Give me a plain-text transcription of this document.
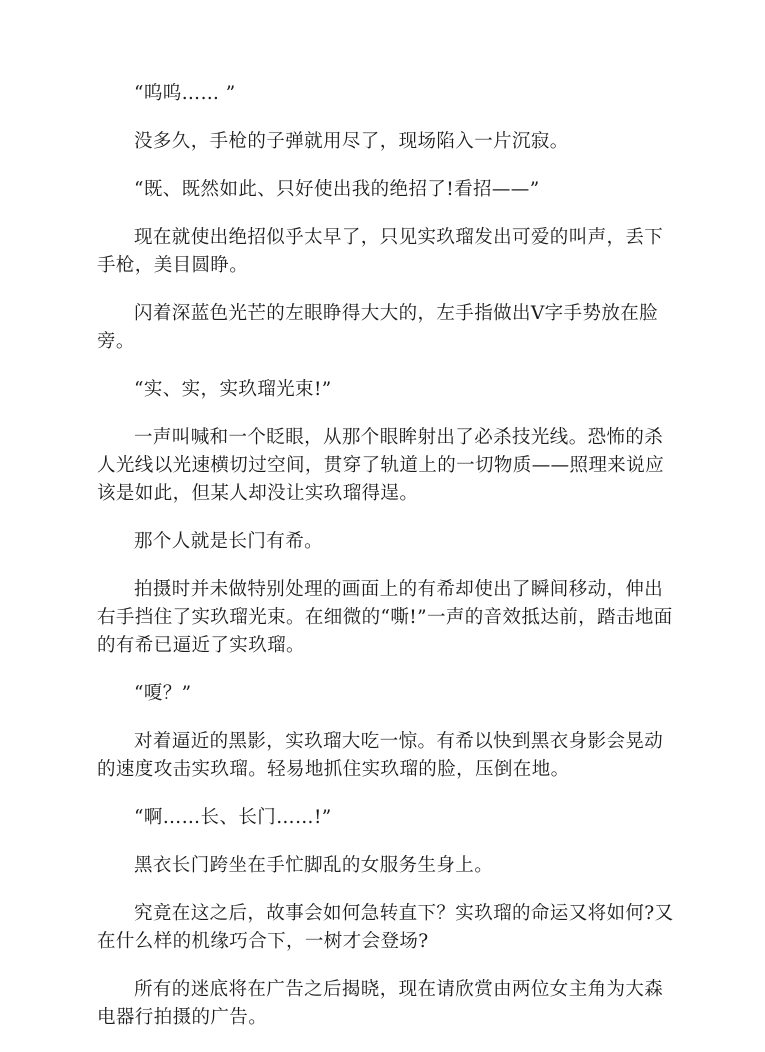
“呜呜…… ”

没多久，手枪的子弹就用尽了，现场陷入一片沉寂。

“既、既然如此、只好使出我的绝招了!看招——”

现在就使出绝招似乎太早了，只见实玖瑠发出可爱的叫声，丢下手枪，美目圆睁。

闪着深蓝色光芒的左眼睁得大大的，左手指做出V字手势放在脸旁。

“实、实，实玖瑠光束!”

一声叫喊和一个眨眼，从那个眼眸射出了必杀技光线。恐怖的杀人光线以光速横切过空间，贯穿了轨道上的一切物质——照理来说应该是如此，但某人却没让实玖瑠得逞。

那个人就是长门有希。

拍摄时并未做特别处理的画面上的有希却使出了瞬间移动，伸出右手挡住了实玖瑠光束。在细微的“嘶!”一声的音效抵达前，踏击地面的有希已逼近了实玖瑠。

“嗄？”

对着逼近的黑影，实玖瑠大吃一惊。有希以快到黑衣身影会晃动的速度攻击实玖瑠。轻易地抓住实玖瑠的脸，压倒在地。

“啊……长、长门……!”

黑衣长门跨坐在手忙脚乱的女服务生身上。

究竟在这之后，故事会如何急转直下？实玖瑠的命运又将如何?又在什么样的机缘巧合下，一树才会登场?

所有的迷底将在广告之后揭晓，现在请欣赏由两位女主角为大森电器行拍摄的广告。
